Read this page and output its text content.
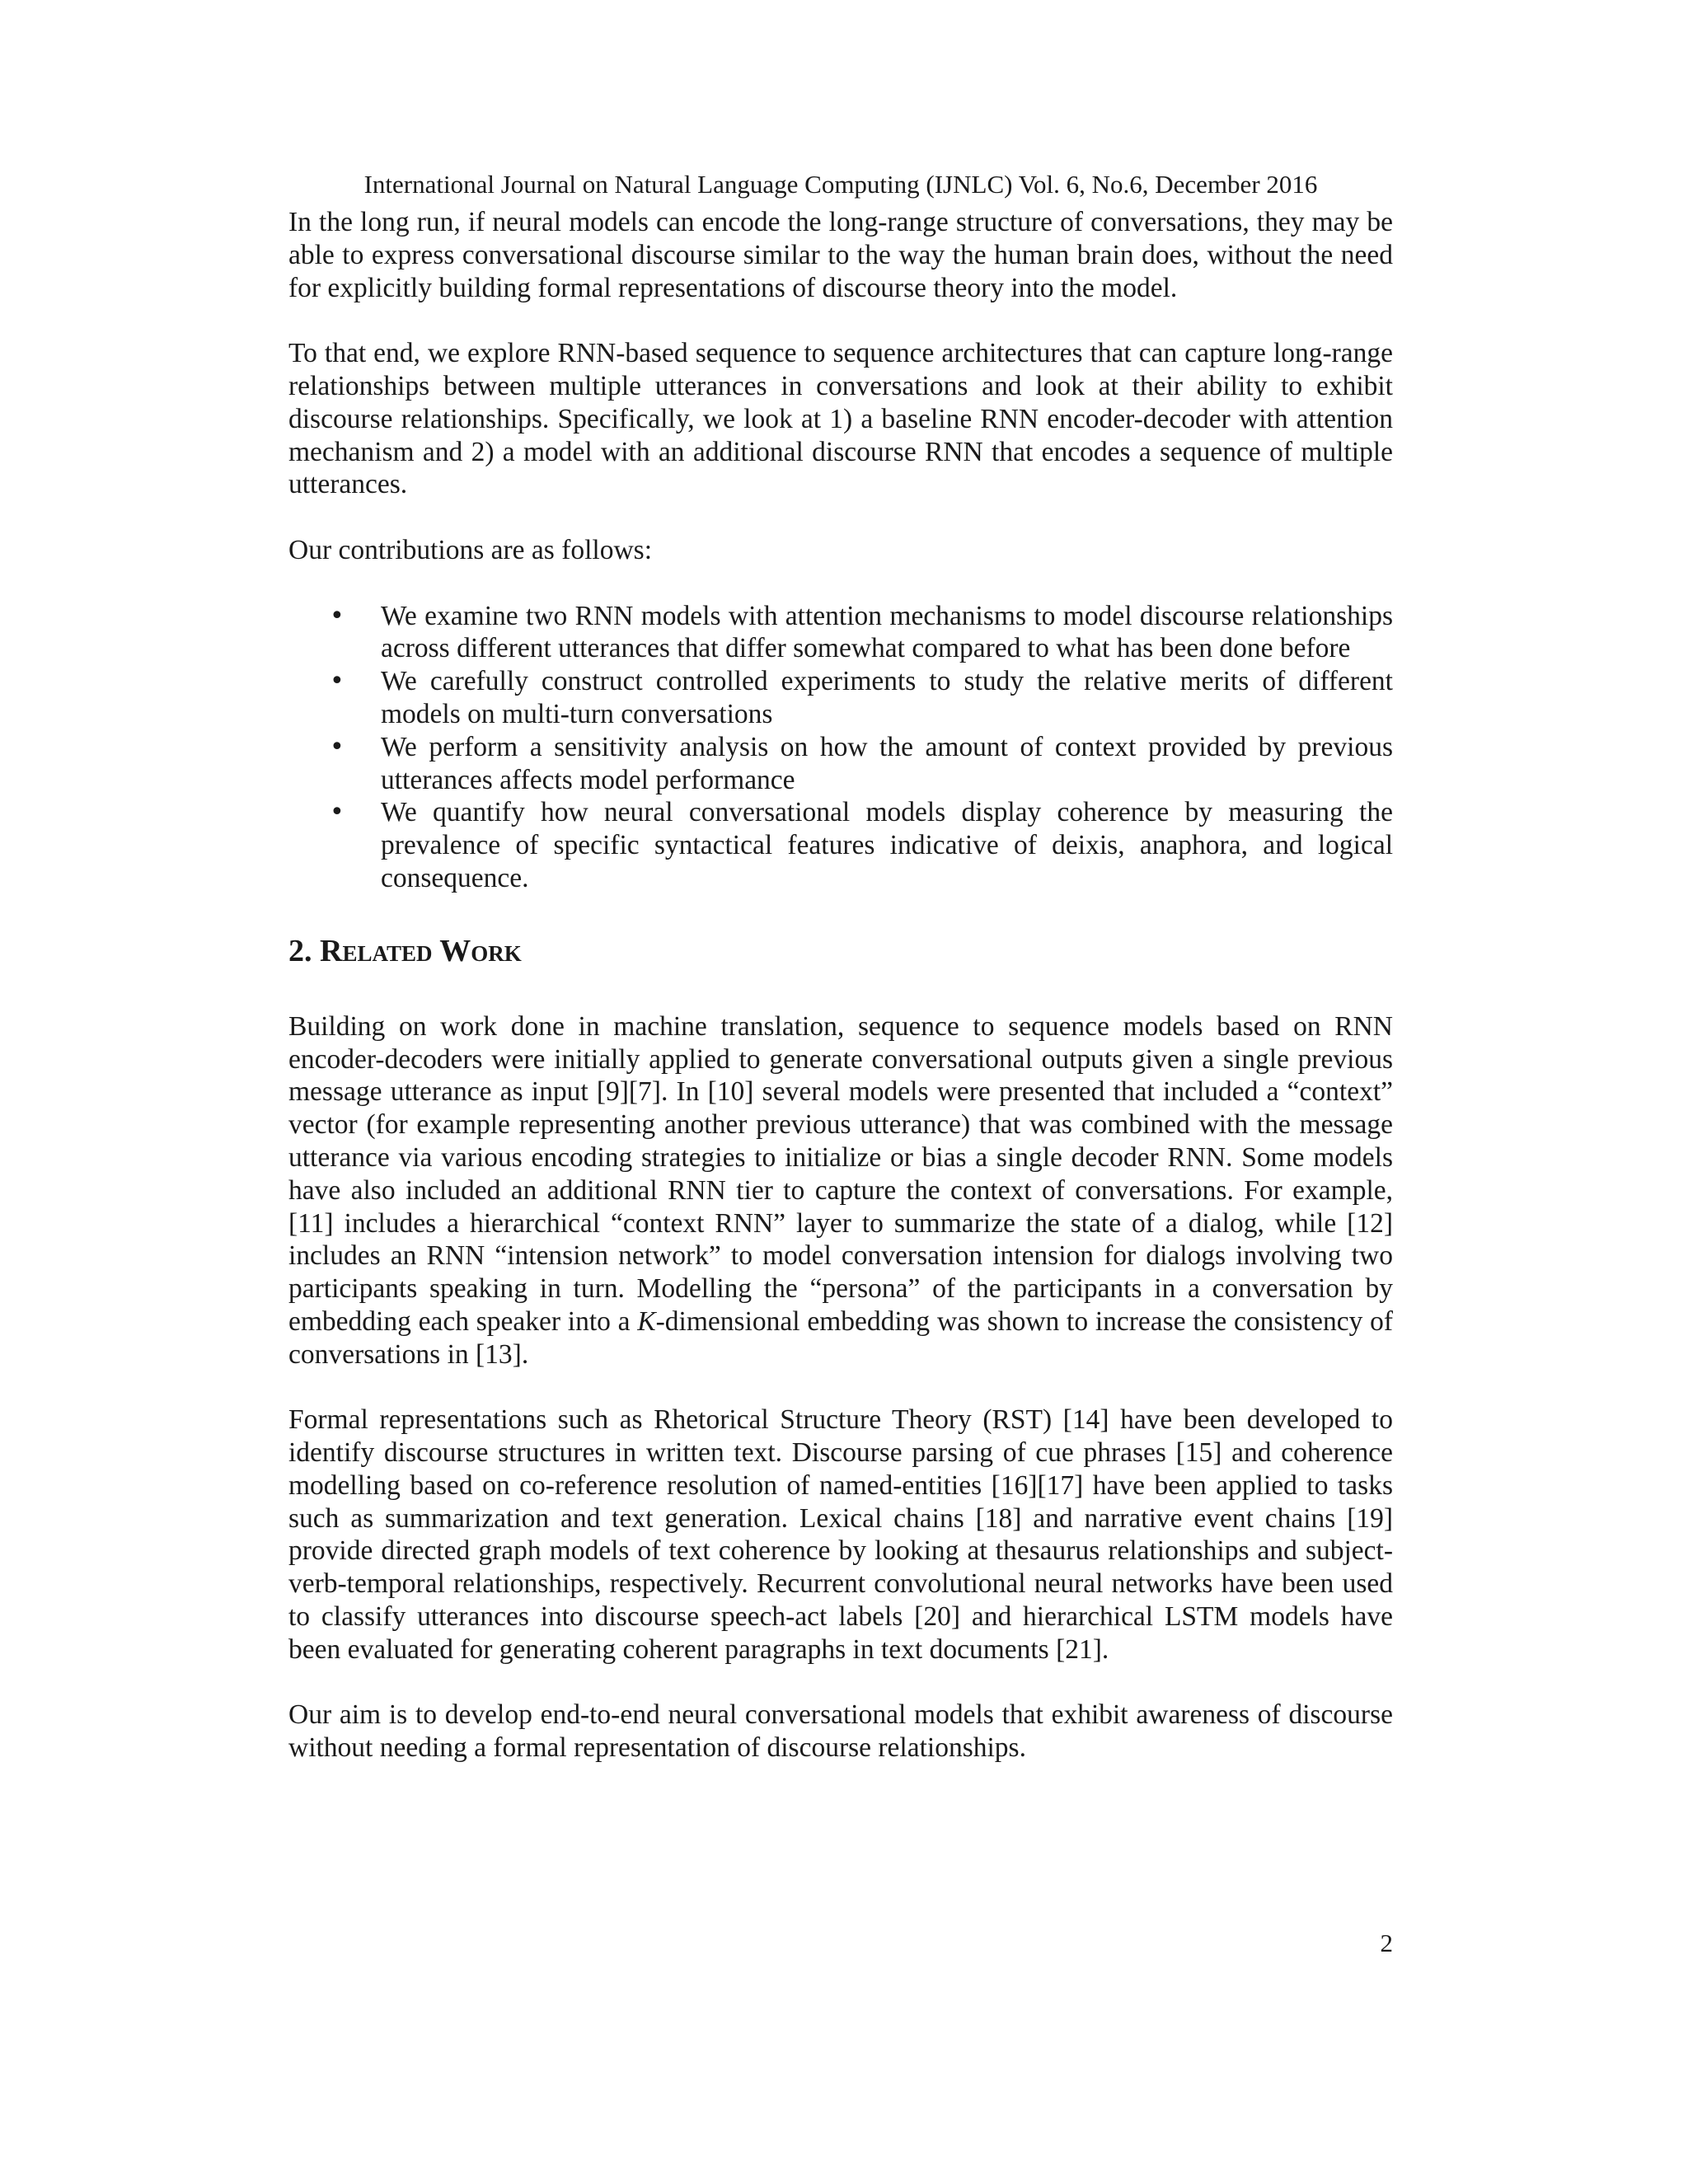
International Journal on Natural Language Computing (IJNLC) Vol. 6, No.6, December 2016

In the long run, if neural models can encode the long-range structure of conversations, they may be able to express conversational discourse similar to the way the human brain does, without the need for explicitly building formal representations of discourse theory into the model.

To that end, we explore RNN-based sequence to sequence architectures that can capture long-range relationships between multiple utterances in conversations and look at their ability to exhibit discourse relationships. Specifically, we look at 1) a baseline RNN encoder-decoder with attention mechanism and 2) a model with an additional discourse RNN that encodes a sequence of multiple utterances.

Our contributions are as follows:

• We examine two RNN models with attention mechanisms to model discourse relationships across different utterances that differ somewhat compared to what has been done before
• We carefully construct controlled experiments to study the relative merits of different models on multi-turn conversations
• We perform a sensitivity analysis on how the amount of context provided by previous utterances affects model performance
• We quantify how neural conversational models display coherence by measuring the prevalence of specific syntactical features indicative of deixis, anaphora, and logical consequence.
2. Related Work

Building on work done in machine translation, sequence to sequence models based on RNN encoder-decoders were initially applied to generate conversational outputs given a single previous message utterance as input [9][7]. In [10] several models were presented that included a “context” vector (for example representing another previous utterance) that was combined with the message utterance via various encoding strategies to initialize or bias a single decoder RNN. Some models have also included an additional RNN tier to capture the context of conversations. For example, [11] includes a hierarchical “context RNN” layer to summarize the state of a dialog, while [12] includes an RNN “intension network” to model conversation intension for dialogs involving two participants speaking in turn. Modelling the “persona” of the participants in a conversation by embedding each speaker into a K-dimensional embedding was shown to increase the consistency of conversations in [13].

Formal representations such as Rhetorical Structure Theory (RST) [14] have been developed to identify discourse structures in written text. Discourse parsing of cue phrases [15] and coherence modelling based on co-reference resolution of named-entities [16][17] have been applied to tasks such as summarization and text generation. Lexical chains [18] and narrative event chains [19] provide directed graph models of text coherence by looking at thesaurus relationships and subject-verb-temporal relationships, respectively. Recurrent convolutional neural networks have been used to classify utterances into discourse speech-act labels [20] and hierarchical LSTM models have been evaluated for generating coherent paragraphs in text documents [21].

Our aim is to develop end-to-end neural conversational models that exhibit awareness of discourse without needing a formal representation of discourse relationships.

2
